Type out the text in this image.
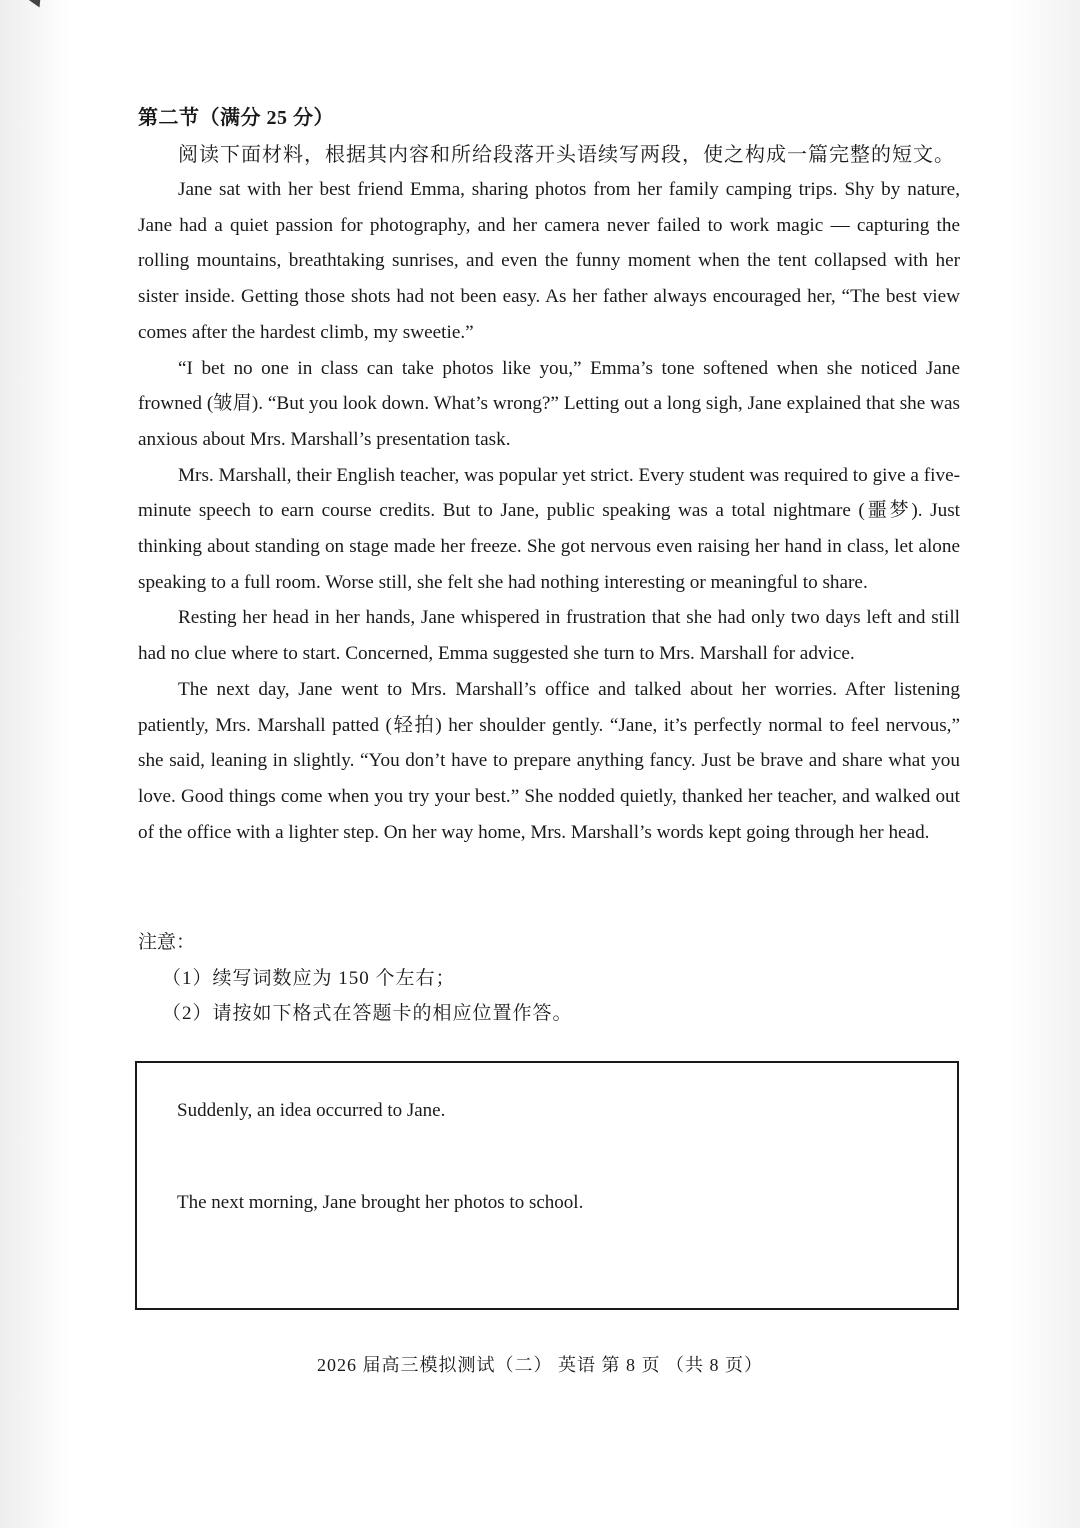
第二节（满分 25 分）
阅读下面材料，根据其内容和所给段落开头语续写两段，使之构成一篇完整的短文。

Jane sat with her best friend Emma, sharing photos from her family camping trips. Shy by nature, Jane had a quiet passion for photography, and her camera never failed to work magic — capturing the rolling mountains, breathtaking sunrises, and even the funny moment when the tent collapsed with her sister inside. Getting those shots had not been easy. As her father always encouraged her, “The best view comes after the hardest climb, my sweetie.”

“I bet no one in class can take photos like you,” Emma’s tone softened when she noticed Jane frowned (皱眉). “But you look down. What’s wrong?” Letting out a long sigh, Jane explained that she was anxious about Mrs. Marshall’s presentation task.

Mrs. Marshall, their English teacher, was popular yet strict. Every student was required to give a five-minute speech to earn course credits. But to Jane, public speaking was a total nightmare (噩梦). Just thinking about standing on stage made her freeze. She got nervous even raising her hand in class, let alone speaking to a full room. Worse still, she felt she had nothing interesting or meaningful to share.

Resting her head in her hands, Jane whispered in frustration that she had only two days left and still had no clue where to start. Concerned, Emma suggested she turn to Mrs. Marshall for advice.

The next day, Jane went to Mrs. Marshall’s office and talked about her worries. After listening patiently, Mrs. Marshall patted (轻拍) her shoulder gently. “Jane, it’s perfectly normal to feel nervous,” she said, leaning in slightly. “You don’t have to prepare anything fancy. Just be brave and share what you love. Good things come when you try your best.” She nodded quietly, thanked her teacher, and walked out of the office with a lighter step. On her way home, Mrs. Marshall’s words kept going through her head.

注意：
（1）续写词数应为 150 个左右；
（2）请按如下格式在答题卡的相应位置作答。
Suddenly, an idea occurred to Jane.
The next morning, Jane brought her photos to school.
2026 届高三模拟测试（二） 英语 第 8 页 （共 8 页）
